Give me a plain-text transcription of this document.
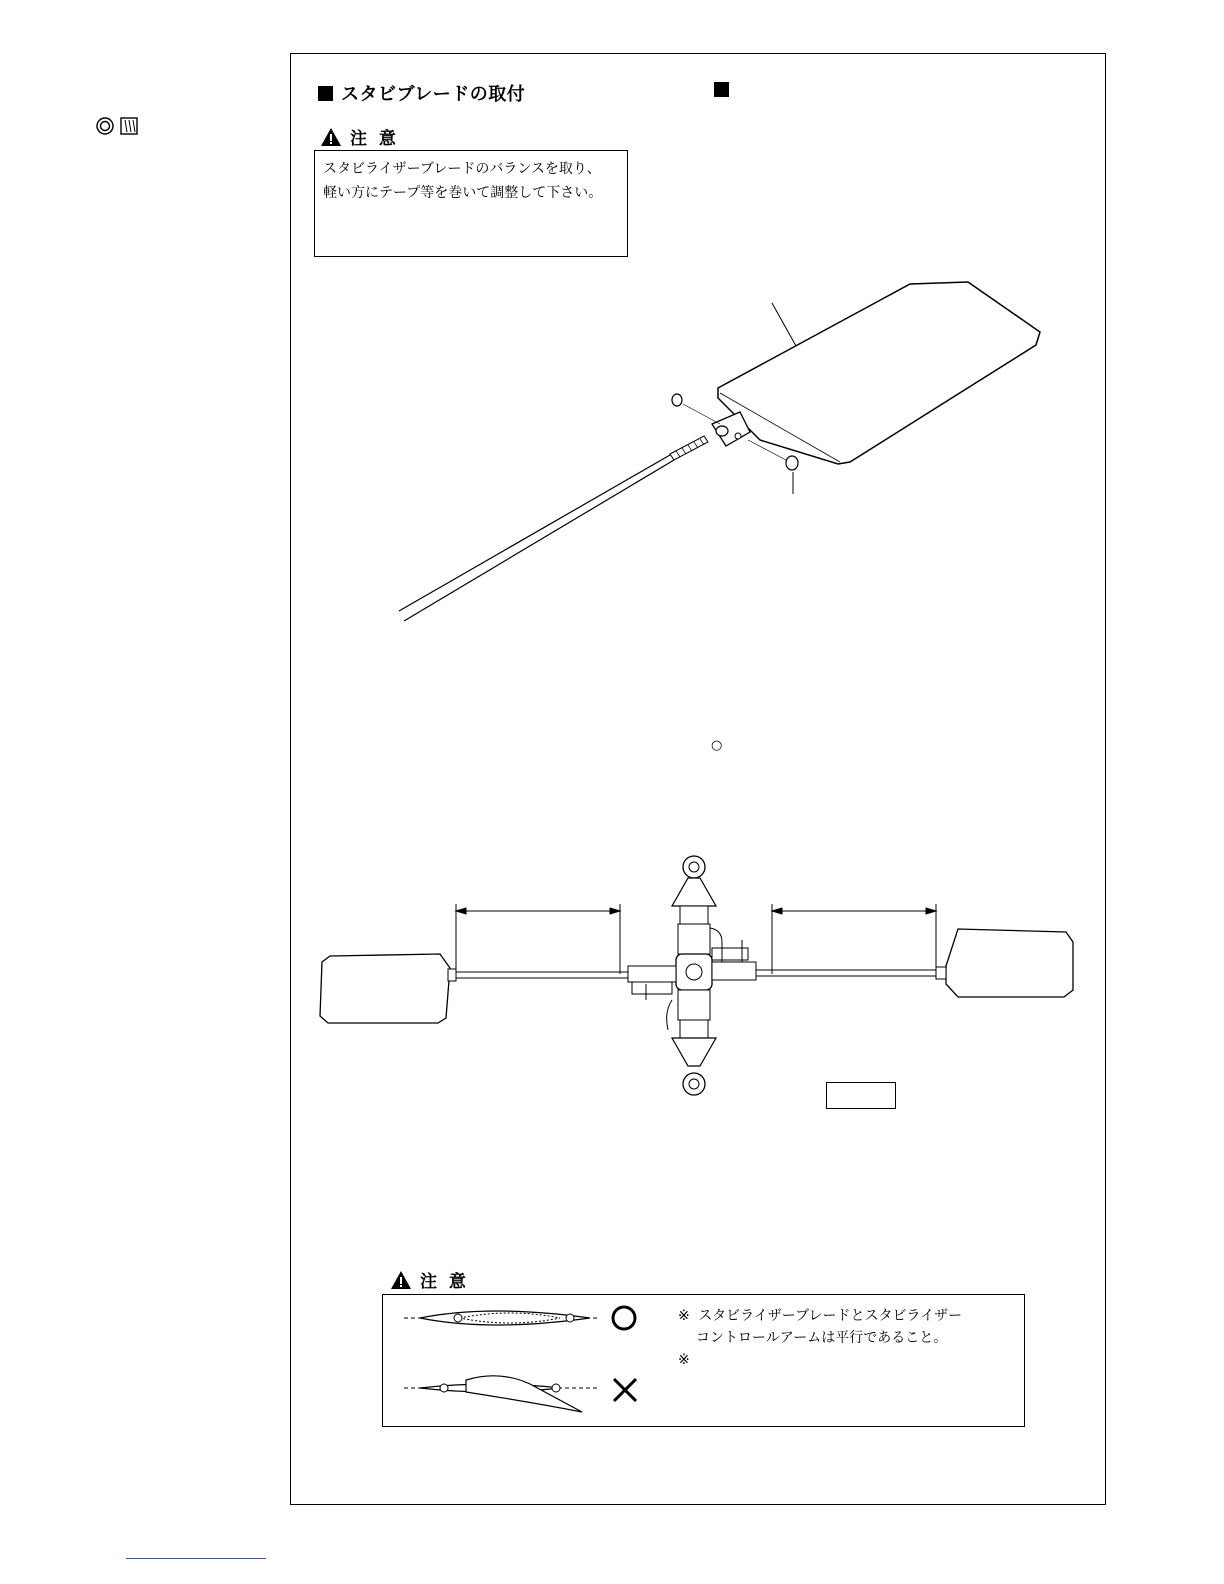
スタビブレードの取付
注 意
スタビライザーブレードのバランスを取り、
軽い方にテープ等を巻いて調整して下さい。
○
注 意
※ スタビライザーブレードとスタビライザー
コントロールアームは平行であること。
※
